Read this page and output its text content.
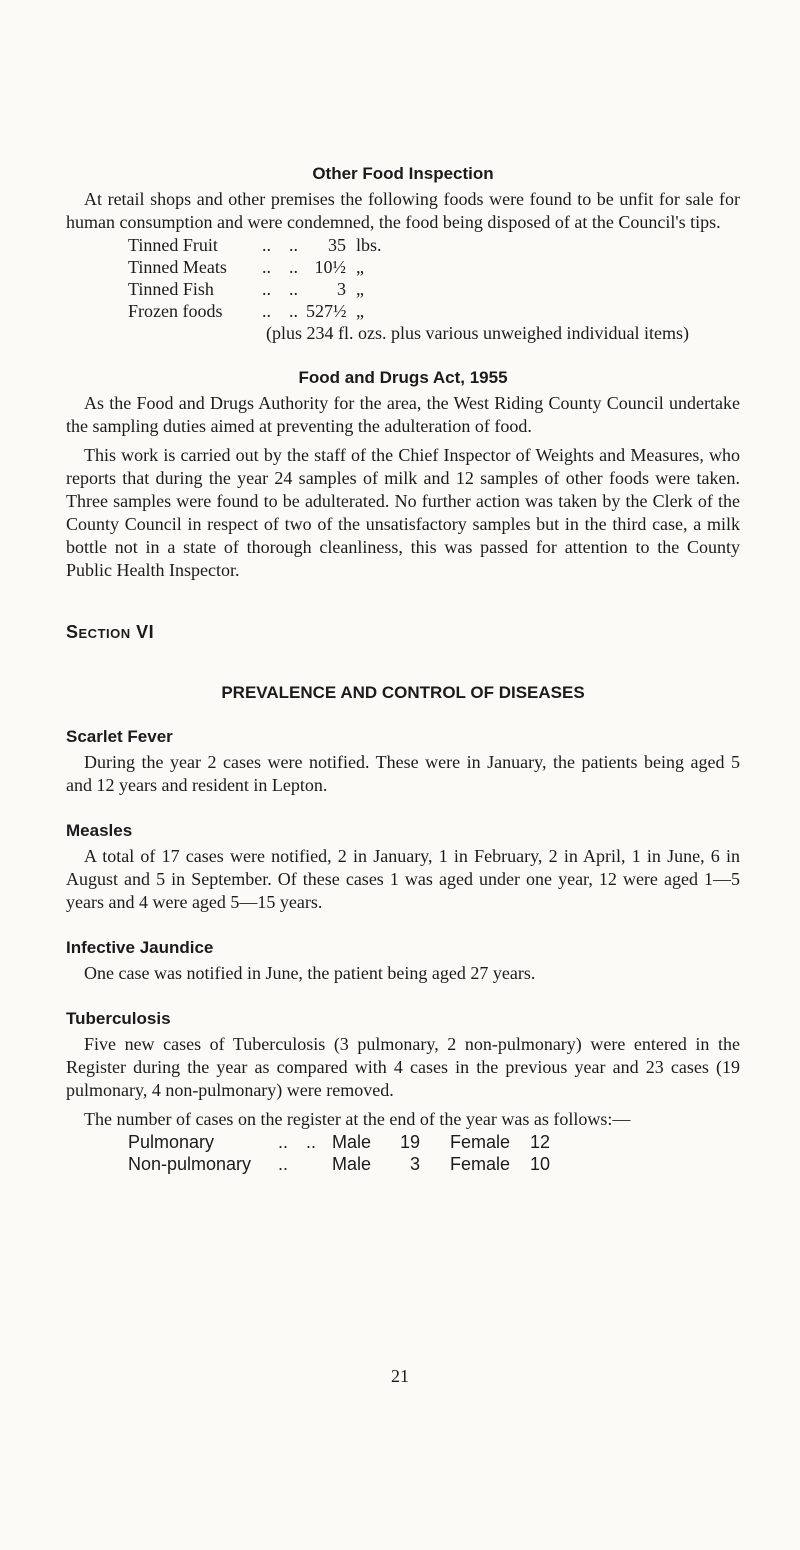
Other Food Inspection

At retail shops and other premises the following foods were found to be unfit for sale for human consumption and were condemned, the food being disposed of at the Council's tips.

Tinned Fruit	.. ..	35 lbs.
Tinned Meats	.. .. 10½ „
Tinned Fish	.. ..	3 „
Frozen foods	.. .. 527½ „

(plus 234 fl. ozs. plus various unweighed individual items)

Food and Drugs Act, 1955

As the Food and Drugs Authority for the area, the West Riding County Council undertake the sampling duties aimed at preventing the adulteration of food.

This work is carried out by the staff of the Chief Inspector of Weights and Measures, who reports that during the year 24 samples of milk and 12 samples of other foods were taken. Three samples were found to be adulterated. No further action was taken by the Clerk of the County Council in respect of two of the unsatisfactory samples but in the third case, a milk bottle not in a state of thorough cleanliness, this was passed for attention to the County Public Health Inspector.

Section VI
PREVALENCE AND CONTROL OF DISEASES
Scarlet Fever

During the year 2 cases were notified. These were in January, the patients being aged 5 and 12 years and resident in Lepton.

Measles

A total of 17 cases were notified, 2 in January, 1 in February, 2 in April, 1 in June, 6 in August and 5 in September. Of these cases 1 was aged under one year, 12 were aged 1—5 years and 4 were aged 5—15 years.

Infective Jaundice

One case was notified in June, the patient being aged 27 years.

Tuberculosis

Five new cases of Tuberculosis (3 pulmonary, 2 non-pulmonary) were entered in the Register during the year as compared with 4 cases in the previous year and 23 cases (19 pulmonary, 4 non-pulmonary) were removed.

The number of cases on the register at the end of the year was as follows:—

Pulmonary	.. .. Male	19	Female	12
Non-pulmonary	..	Male	3	Female	10
21
